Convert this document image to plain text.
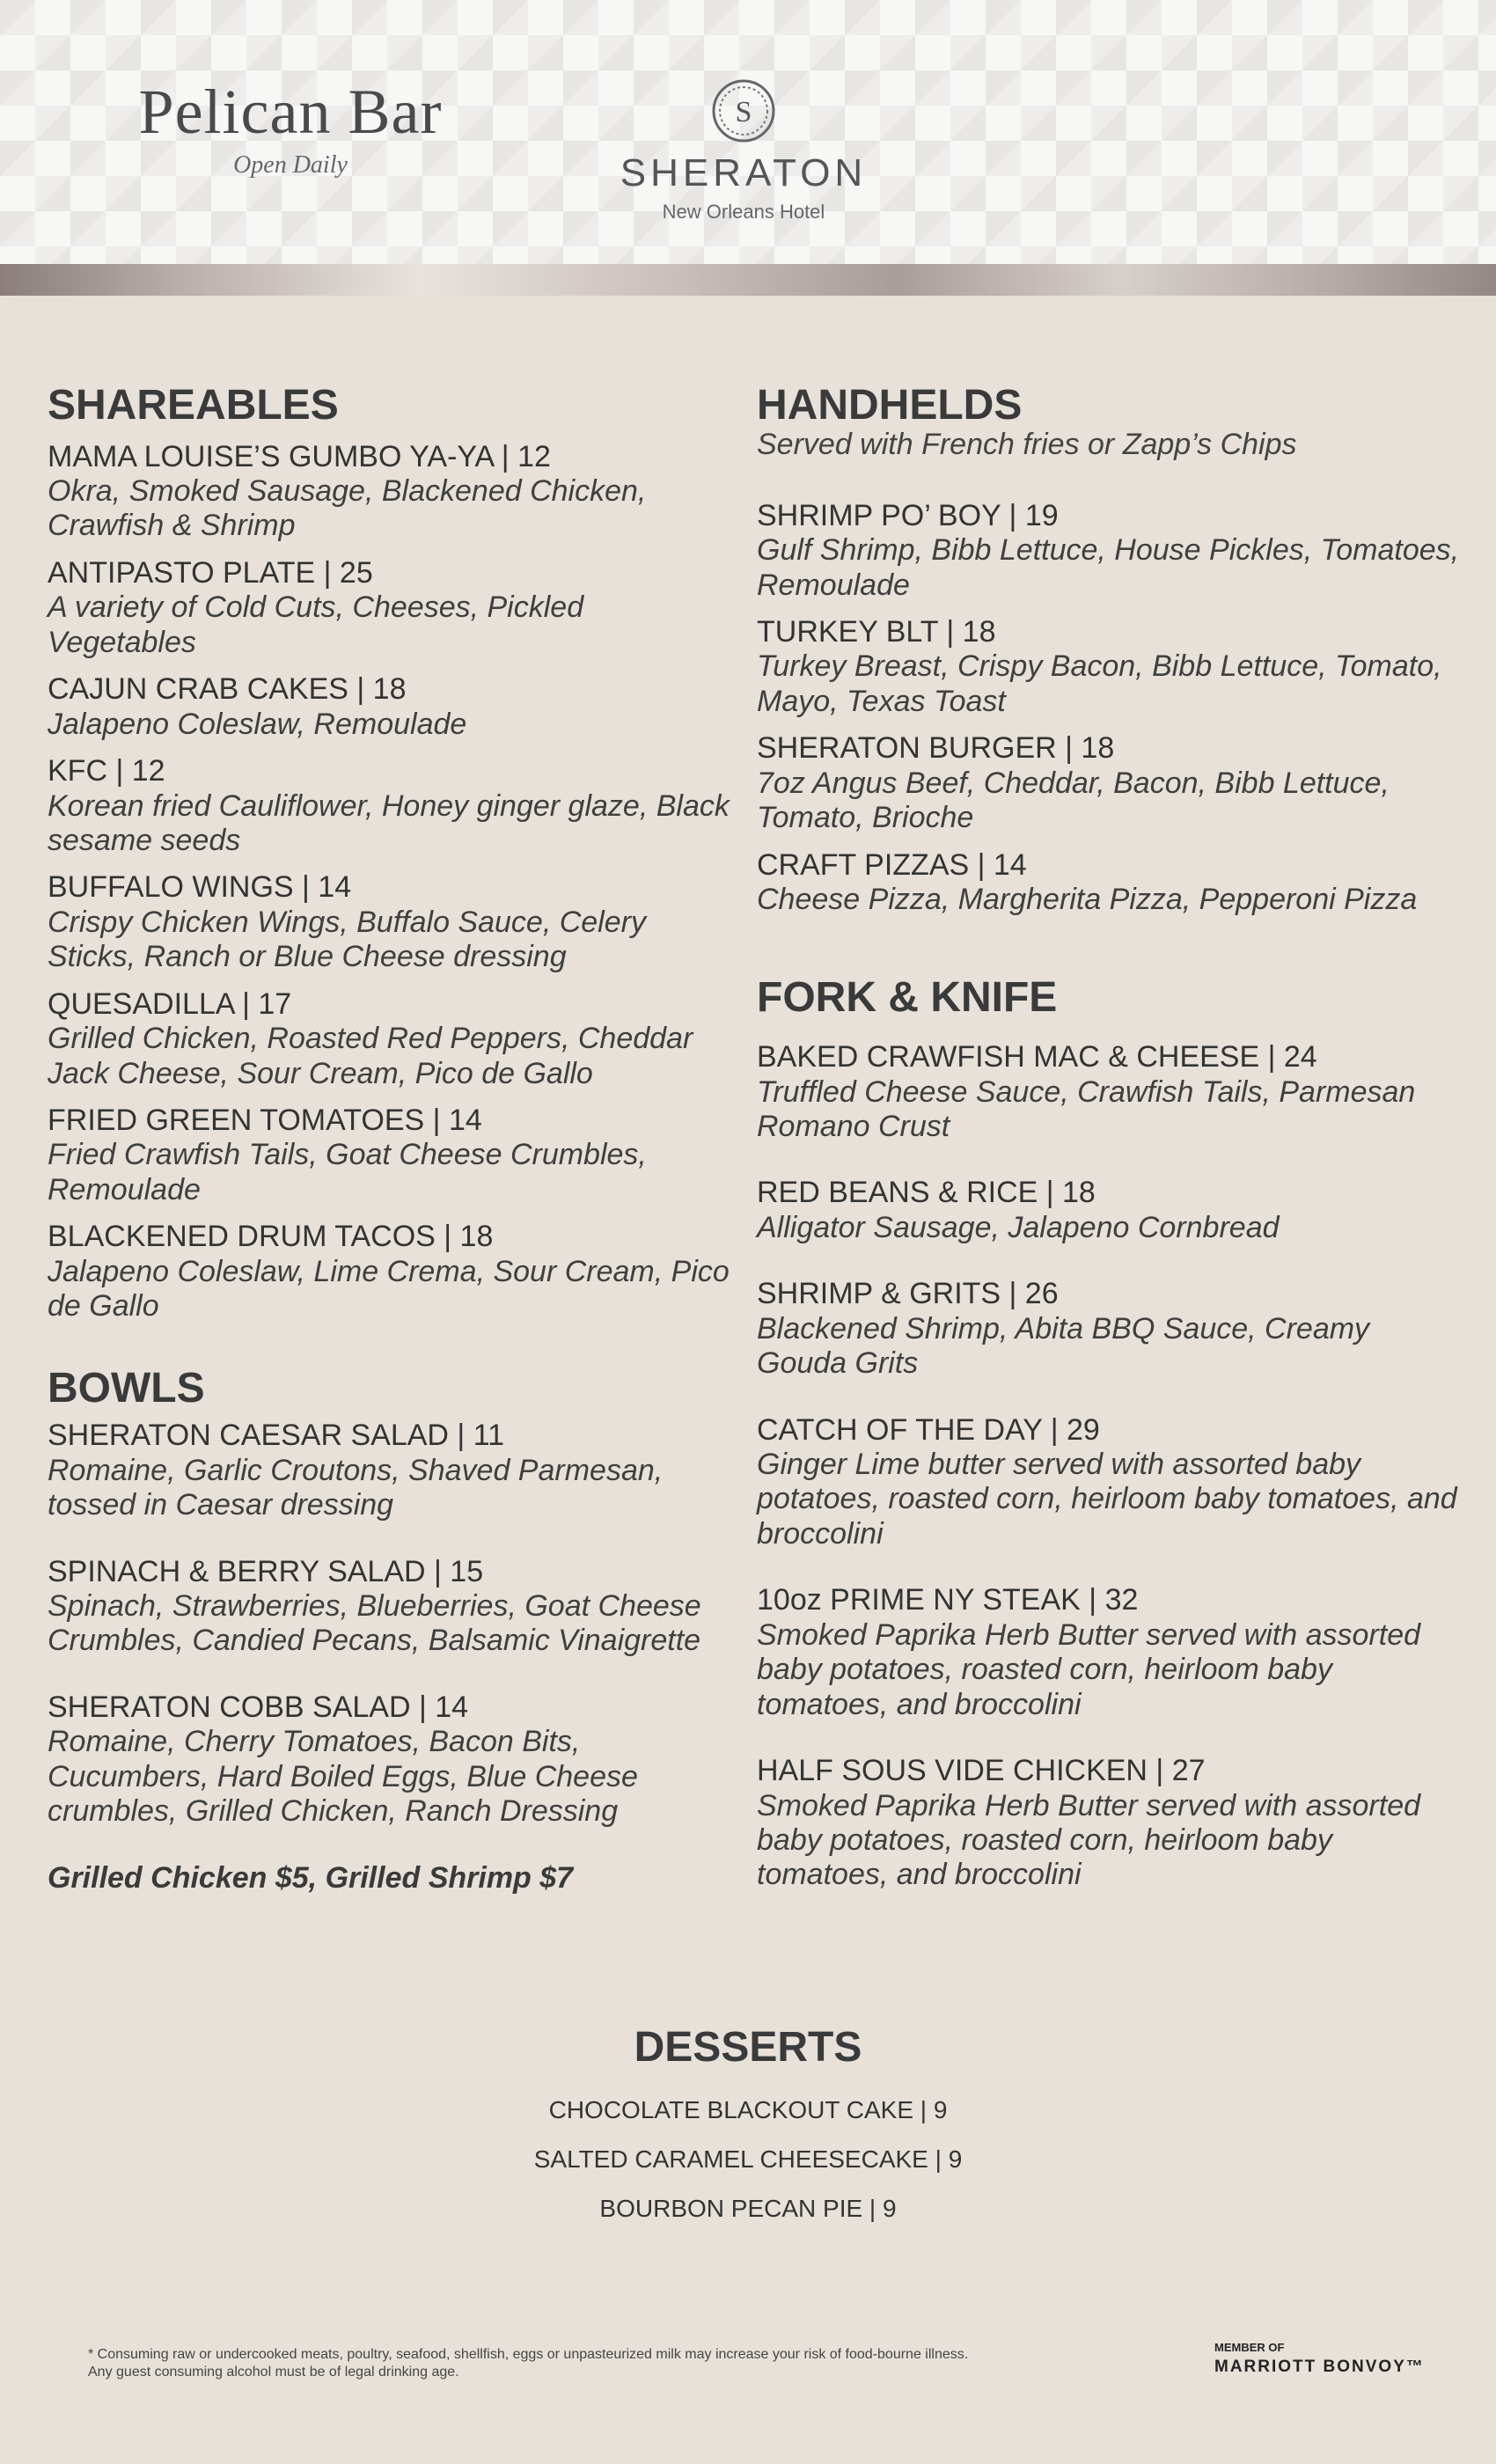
Pelican Bar
Open Daily
S
SHERATON
New Orleans Hotel
SHAREABLES
MAMA LOUISE’S GUMBO YA-YA | 12
Okra, Smoked Sausage, Blackened Chicken, Crawfish & Shrimp
ANTIPASTO PLATE | 25
A variety of Cold Cuts, Cheeses, Pickled Vegetables
CAJUN CRAB CAKES | 18
Jalapeno Coleslaw, Remoulade
KFC | 12
Korean fried Cauliflower, Honey ginger glaze, Black sesame seeds
BUFFALO WINGS | 14
Crispy Chicken Wings, Buffalo Sauce, Celery Sticks, Ranch or Blue Cheese dressing
QUESADILLA | 17
Grilled Chicken, Roasted Red Peppers, Cheddar Jack Cheese, Sour Cream, Pico de Gallo
FRIED GREEN TOMATOES | 14
Fried Crawfish Tails, Goat Cheese Crumbles, Remoulade
BLACKENED DRUM TACOS | 18
Jalapeno Coleslaw, Lime Crema, Sour Cream, Pico de Gallo
BOWLS
SHERATON CAESAR SALAD | 11
Romaine, Garlic Croutons, Shaved Parmesan, tossed in Caesar dressing
SPINACH & BERRY SALAD | 15
Spinach, Strawberries, Blueberries, Goat Cheese Crumbles, Candied Pecans, Balsamic Vinaigrette
SHERATON COBB SALAD | 14
Romaine, Cherry Tomatoes, Bacon Bits, Cucumbers, Hard Boiled Eggs, Blue Cheese crumbles, Grilled Chicken, Ranch Dressing
Grilled Chicken $5, Grilled Shrimp $7
HANDHELDS
Served with French fries or Zapp’s Chips
SHRIMP PO’ BOY | 19
Gulf Shrimp, Bibb Lettuce, House Pickles, Tomatoes, Remoulade
TURKEY BLT | 18
Turkey Breast, Crispy Bacon, Bibb Lettuce, Tomato, Mayo, Texas Toast
SHERATON BURGER | 18
7oz Angus Beef, Cheddar, Bacon, Bibb Lettuce, Tomato, Brioche
CRAFT PIZZAS | 14
Cheese Pizza, Margherita Pizza, Pepperoni Pizza
FORK & KNIFE
BAKED CRAWFISH MAC & CHEESE | 24
Truffled Cheese Sauce, Crawfish Tails, Parmesan Romano Crust
RED BEANS & RICE | 18
Alligator Sausage, Jalapeno Cornbread
SHRIMP & GRITS | 26
Blackened Shrimp, Abita BBQ Sauce, Creamy Gouda Grits
CATCH OF THE DAY | 29
Ginger Lime butter served with assorted baby potatoes, roasted corn, heirloom baby tomatoes, and broccolini
10oz PRIME NY STEAK | 32
Smoked Paprika Herb Butter served with assorted baby potatoes, roasted corn, heirloom baby tomatoes, and broccolini
HALF SOUS VIDE CHICKEN | 27
Smoked Paprika Herb Butter served with assorted baby potatoes, roasted corn, heirloom baby tomatoes, and broccolini
DESSERTS
CHOCOLATE BLACKOUT CAKE | 9
SALTED CARAMEL CHEESECAKE | 9
BOURBON PECAN PIE | 9
* Consuming raw or undercooked meats, poultry, seafood, shellfish, eggs or unpasteurized milk may increase your risk of food-bourne illness.
Any guest consuming alcohol must be of legal drinking age.
MEMBER OF
MARRIOTT BONVOY™
